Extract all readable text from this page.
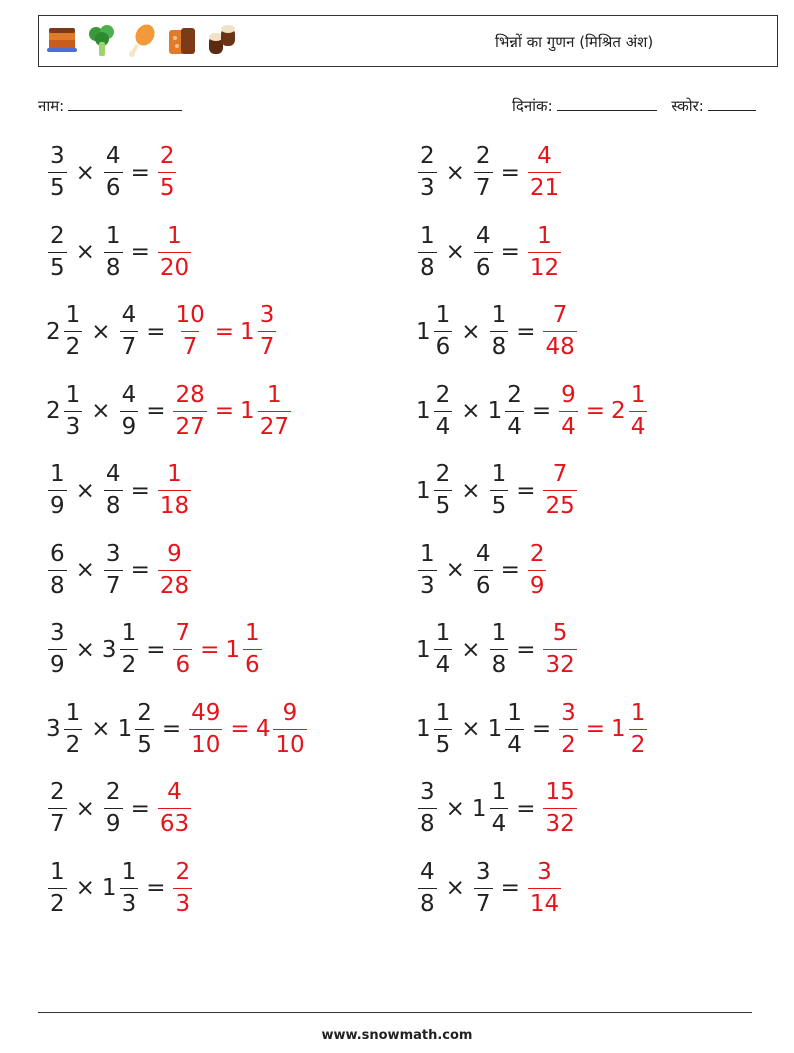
भिन्नों का गुणन (मिश्रित अंश)
नाम:	दिनांक:	स्कोर:
$\frac{3}{5} \times \frac{4}{6} = \frac{2}{5}$	$\frac{2}{3} \times \frac{2}{7} = \frac{4}{21}$
$\frac{2}{5} \times \frac{1}{8} = \frac{1}{20}$	$\frac{1}{8} \times \frac{4}{6} = \frac{1}{12}$
$2 \frac{1}{2} \times \frac{4}{7} = \frac{10}{7} = 1 \frac{3}{7}$	$1 \frac{1}{6} \times \frac{1}{8} = \frac{7}{48}$
$2 \frac{1}{3} \times \frac{4}{9} = \frac{28}{27} = 1 \frac{1}{27}$	$1 \frac{2}{4} \times 1 \frac{2}{4} = \frac{9}{4} = 2 \frac{1}{4}$
$\frac{1}{9} \times \frac{4}{8} = \frac{1}{18}$	$1 \frac{2}{5} \times \frac{1}{5} = \frac{7}{25}$
$\frac{6}{8} \times \frac{3}{7} = \frac{9}{28}$	$\frac{1}{3} \times \frac{4}{6} = \frac{2}{9}$
$\frac{3}{9} \times 3 \frac{1}{2} = \frac{7}{6} = 1 \frac{1}{6}$	$1 \frac{1}{4} \times \frac{1}{8} = \frac{5}{32}$
$3 \frac{1}{2} \times 1 \frac{2}{5} = \frac{49}{10} = 4 \frac{9}{10}$	$1 \frac{1}{5} \times 1 \frac{1}{4} = \frac{3}{2} = 1 \frac{1}{2}$
$\frac{2}{7} \times \frac{2}{9} = \frac{4}{63}$	$\frac{3}{8} \times 1 \frac{1}{4} = \frac{15}{32}$
$\frac{1}{2} \times 1 \frac{1}{3} = \frac{2}{3}$	$\frac{4}{8} \times \frac{3}{7} = \frac{3}{14}$
www.snowmath.com
